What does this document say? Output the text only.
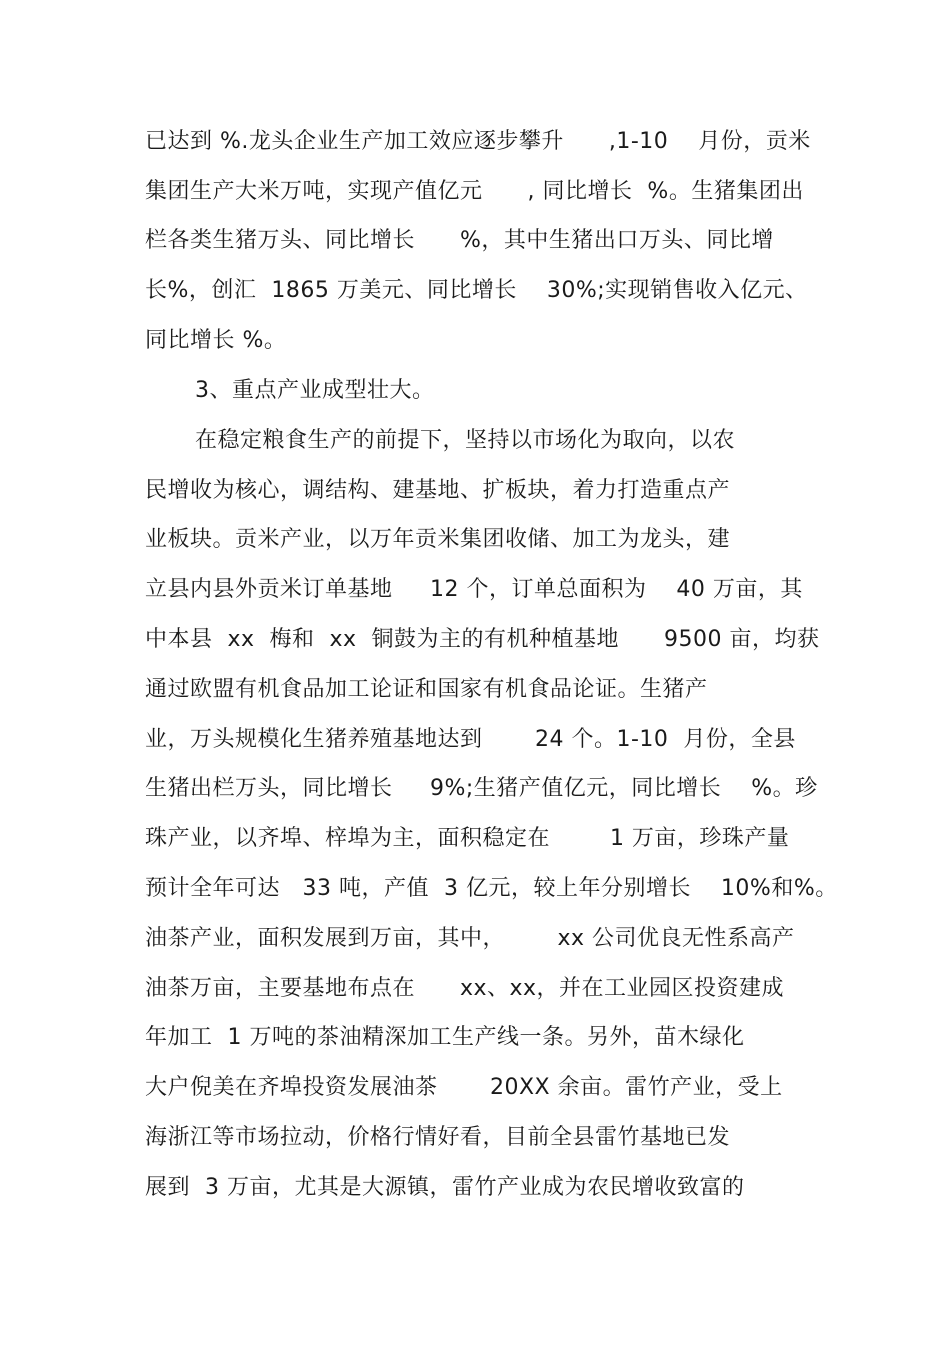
已达到 %.龙头企业生产加工效应逐步攀升      ,1-10    月份，贡米
集团生产大米万吨，实现产值亿元      , 同比增长  %。生猪集团出
栏各类生猪万头、同比增长      %，其中生猪出口万头、同比增
长%，创汇  1865 万美元、同比增长    30%;实现销售收入亿元、
同比增长 %。
3、重点产业成型壮大。
在稳定粮食生产的前提下，坚持以市场化为取向，以农
民增收为核心，调结构、建基地、扩板块，着力打造重点产
业板块。贡米产业，以万年贡米集团收储、加工为龙头，建
立县内县外贡米订单基地     12 个，订单总面积为    40 万亩，其
中本县  xx  梅和  xx  铜鼓为主的有机种植基地      9500 亩，均获
通过欧盟有机食品加工论证和国家有机食品论证。生猪产
业，万头规模化生猪养殖基地达到       24 个。1-10  月份，全县
生猪出栏万头，同比增长     9%;生猪产值亿元，同比增长    %。珍
珠产业，以齐埠、梓埠为主，面积稳定在        1 万亩，珍珠产量
预计全年可达   33 吨，产值  3 亿元，较上年分别增长    10%和%。
油茶产业，面积发展到万亩，其中，       xx 公司优良无性系高产
油茶万亩，主要基地布点在      xx、xx，并在工业园区投资建成
年加工  1 万吨的茶油精深加工生产线一条。另外，苗木绿化
大户倪美在齐埠投资发展油茶       20XX 余亩。雷竹产业，受上
海浙江等市场拉动，价格行情好看，目前全县雷竹基地已发
展到  3 万亩，尤其是大源镇，雷竹产业成为农民增收致富的
